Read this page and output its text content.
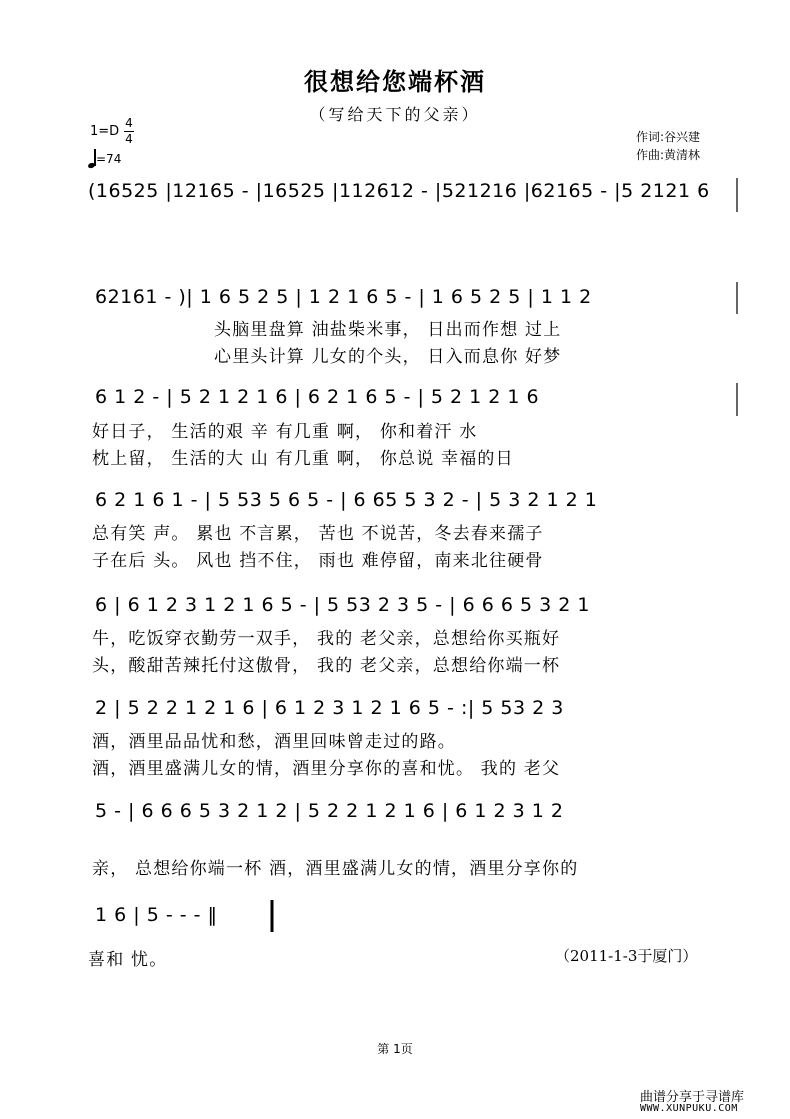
很想给您端杯酒
（写给天下的父亲）
1=D
4
4
=74
作词:谷兴建
作曲:黄清林
(16525 |12165 - |16525 |112612 - |521216 |62165 - |5 2121 6
62161 - )| 1 6 5 2 5 | 1 2 1 6 5 - | 1 6 5 2 5 | 1 1 2
头脑里盘算 油盐柴米事， 日出而作想 过上
心里头计算 儿女的个头， 日入而息你 好梦
6 1 2 - | 5 2 1 2 1 6 | 6 2 1 6 5 - | 5 2 1 2 1 6
好日子， 生活的艰 辛 有几重 啊， 你和着汗 水
枕上留， 生活的大 山 有几重 啊， 你总说 幸福的日
6 2 1 6 1 - | 5 53 5 6 5 - | 6 65 5 3 2 - | 5 3 2 1 2 1
总有笑 声。 累也 不言累， 苦也 不说苦，冬去春来孺子
子在后 头。 风也 挡不住， 雨也 难停留，南来北往硬骨
6 | 6 1 2 3 1 2 1 6 5 - | 5 53 2 3 5 - | 6 6 6 5 3 2 1
牛，吃饭穿衣勤劳一双手， 我的 老父亲，总想给你买瓶好
头，酸甜苦辣托付这傲骨， 我的 老父亲，总想给你端一杯
2 | 5 2 2 1 2 1 6 | 6 1 2 3 1 2 1 6 5 - :| 5 53 2 3
酒，酒里品品忧和愁，酒里回味曾走过的路。
酒，酒里盛满儿女的情，酒里分享你的喜和忧。 我的 老父
5 - | 6 6 6 5 3 2 1 2 | 5 2 2 1 2 1 6 | 6 1 2 3 1 2
亲， 总想给你端一杯 酒，酒里盛满儿女的情，酒里分享你的
1 6 | 5 - - - ‖
喜和 忧。	（2011-1-3于厦门）
第 1页
曲谱分享于寻谱库
WWW.XUNPUKU.COM
